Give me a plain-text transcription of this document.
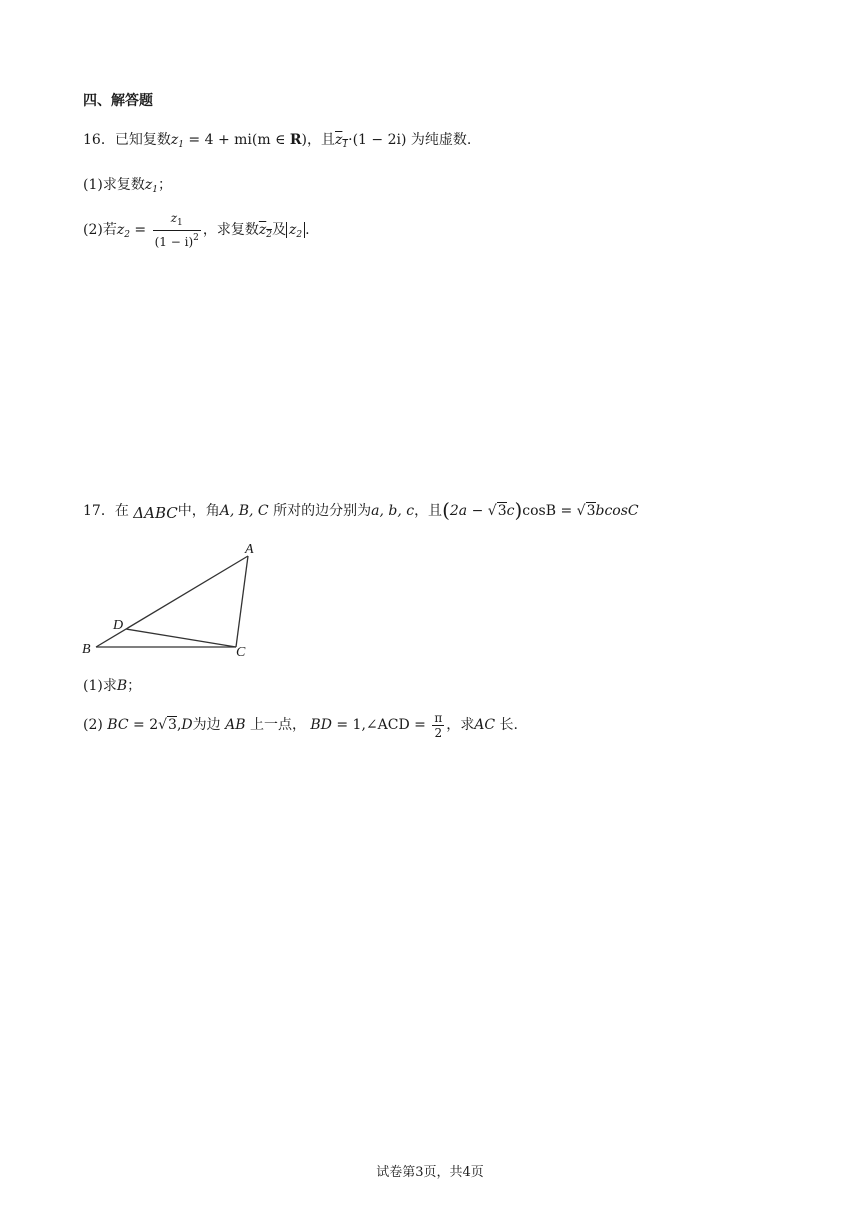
四、解答题
16．已知复数$z_1 = 4 + mi(m$ ∈ R)，且$z_1\cdot(1 - 2i)$ 为纯虚数.
(1)求复数$z_1$；
(2)若$z_2 = \frac{z_1}{(1 - i)^2}$ ，求复数$z_2$及 $z_2$ .
17．在 ΔABC中，角A, B, C 所对的边分别为a, b, c，且(2a − √3c)cosB = √3bcosC
A
B	C
D
(1)求B；
(2) BC = 2√3,D为边 AB 上一点， BD = 1,∠ACD = $\frac{\pi}{2}$ ，求AC 长.
试卷第3页，共4页
